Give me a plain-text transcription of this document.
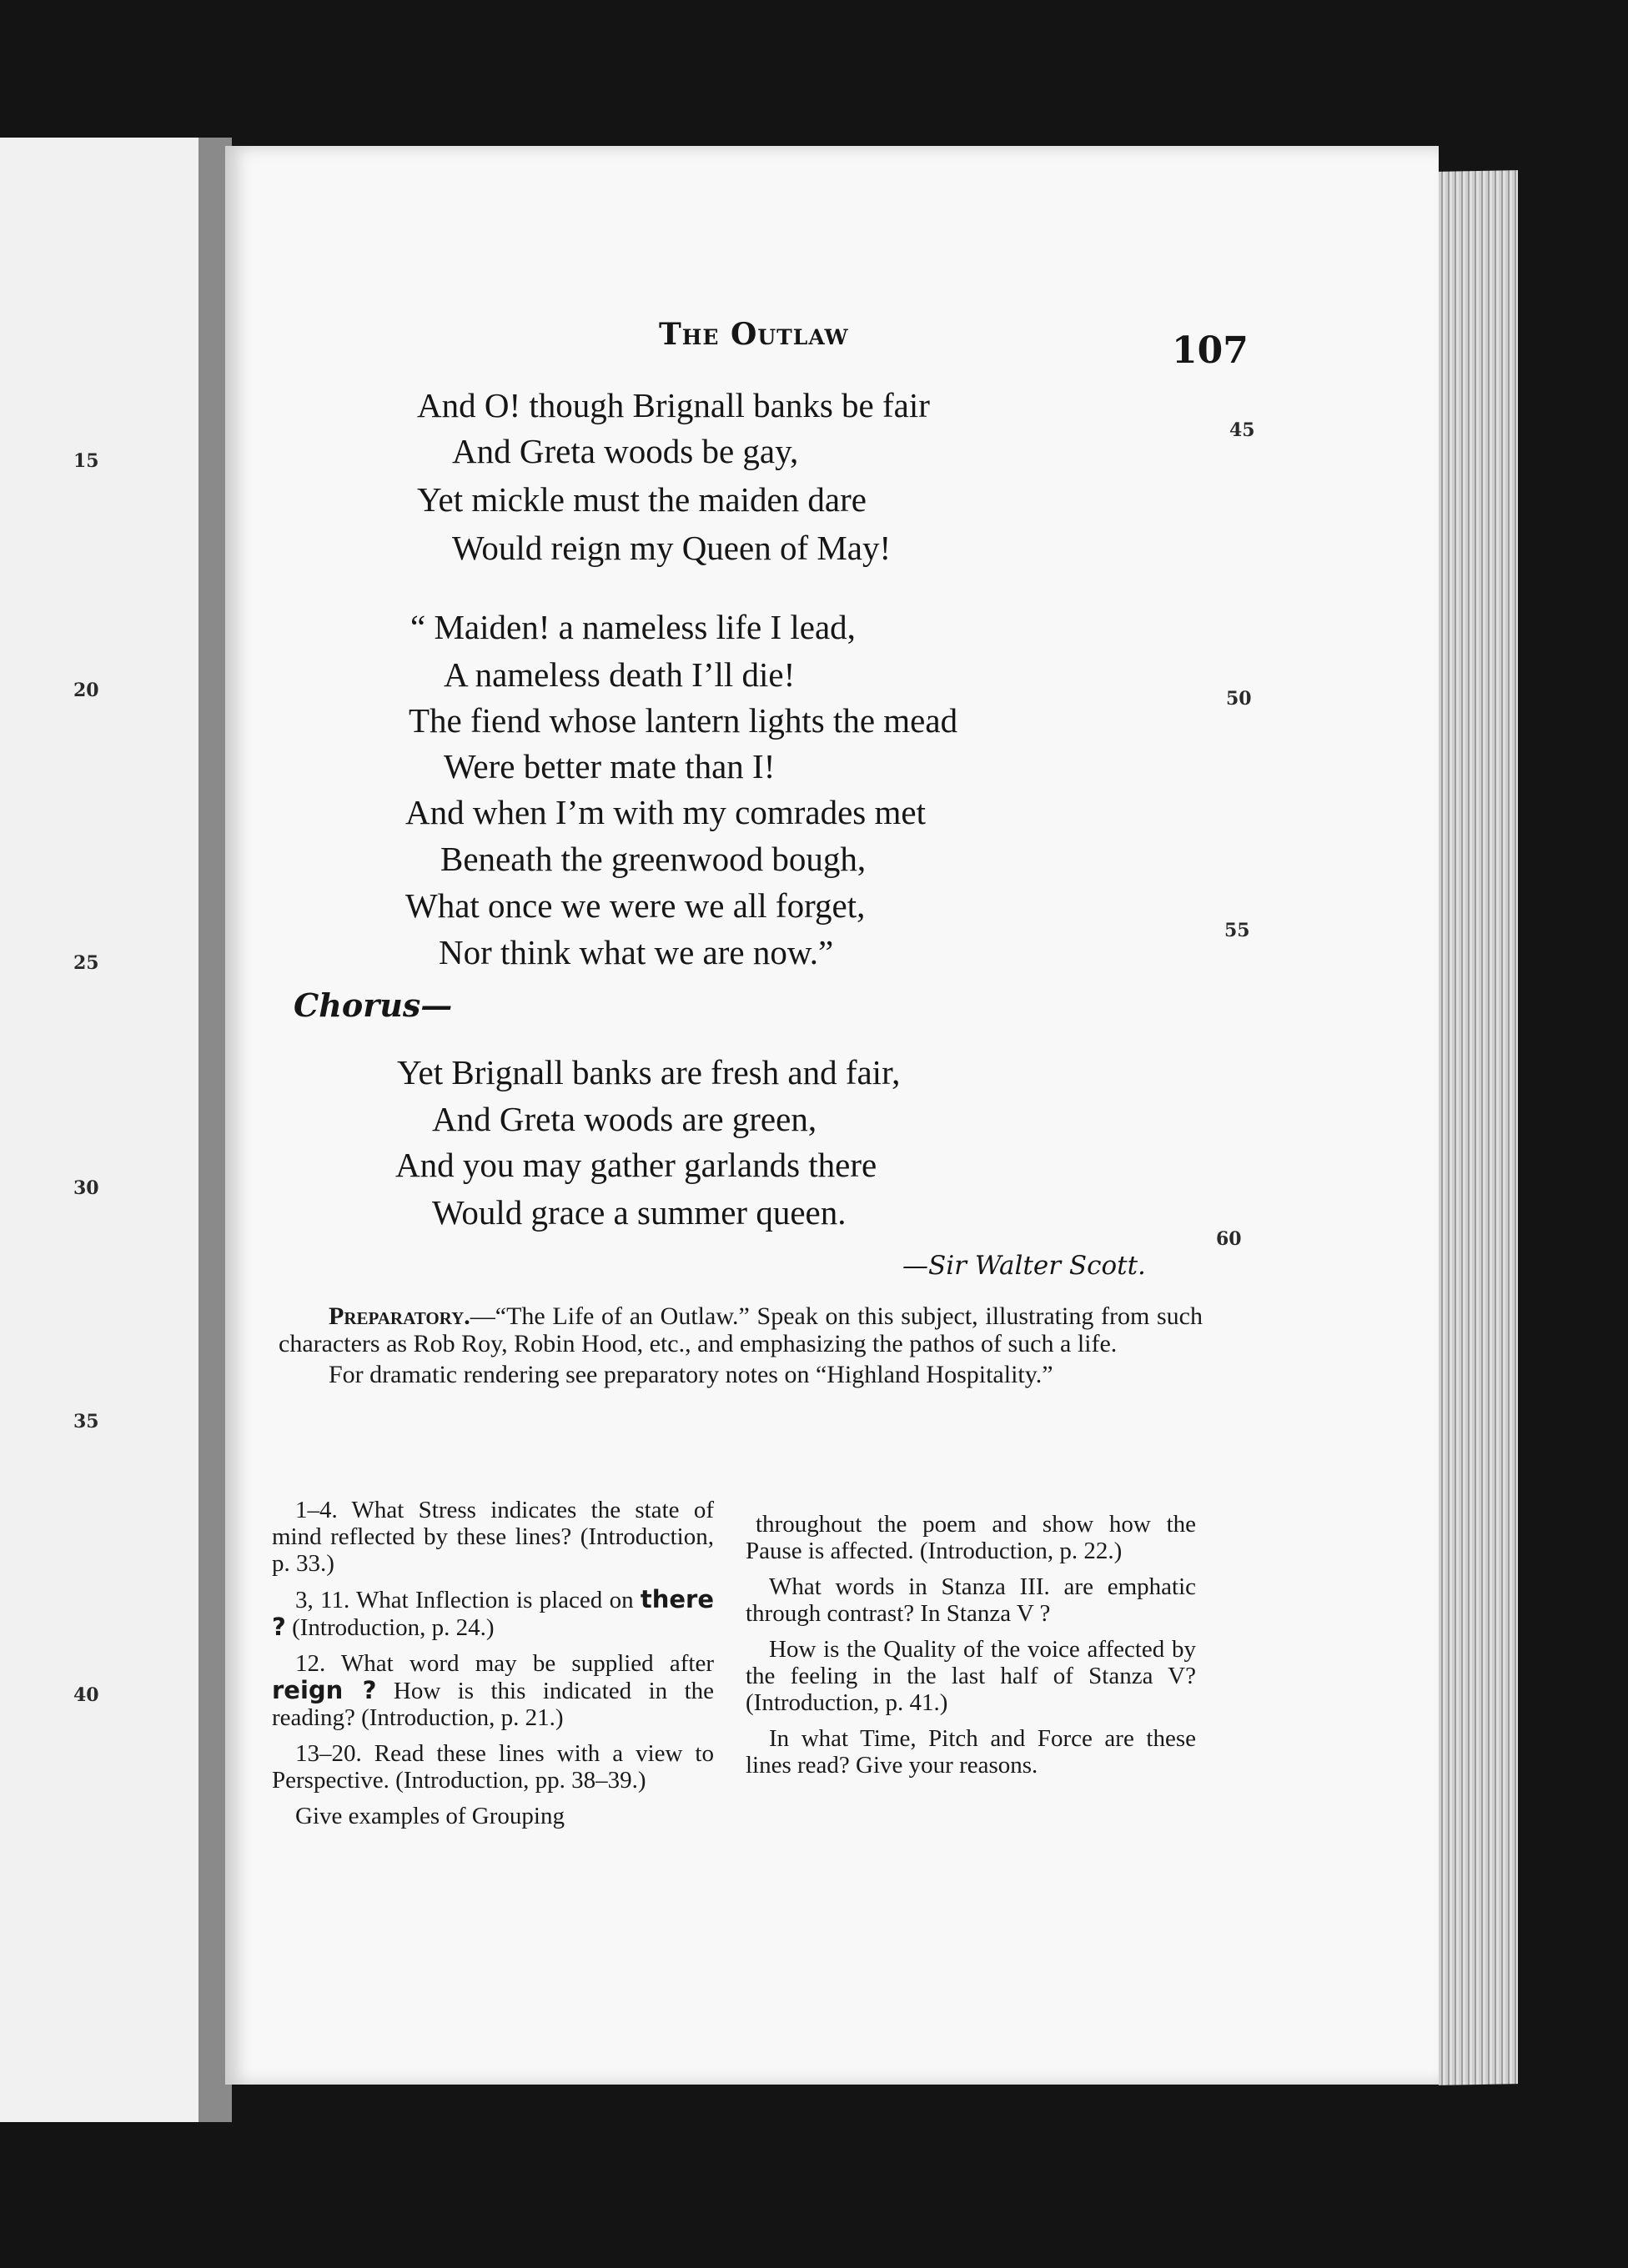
15
20
25
30
35
40
The Outlaw	107
And O! though Brignall banks be fair
And Greta woods be gay,
Yet mickle must the maiden dare
Would reign my Queen of May!
“ Maiden! a nameless life I lead,
A nameless death I’ll die!
The fiend whose lantern lights the mead
Were better mate than I!
And when I’m with my comrades met
Beneath the greenwood bough,
What once we were we all forget,
Nor think what we are now.”
Chorus—
Yet Brignall banks are fresh and fair,
And Greta woods are green,
And you may gather garlands there
Would grace a summer queen.
45
50
55
60
—Sir Walter Scott.

Preparatory.—“The Life of an Outlaw.” Speak on this subject, illustrating from such characters as Rob Roy, Robin Hood, etc., and emphasizing the pathos of such a life.

For dramatic rendering see preparatory notes on “Highland Hospitality.”

1–4. What Stress indicates the state of mind reflected by these lines? (Introduction, p. 33.)

3, 11. What Inflection is placed on there ? (Introduction, p. 24.)

12. What word may be supplied after reign ? How is this indicated in the reading? (Introduction, p. 21.)

13–20. Read these lines with a view to Perspective. (Introduction, pp. 38–39.)

Give examples of Grouping

throughout the poem and show how the Pause is affected. (Introduction, p. 22.)

What words in Stanza III. are emphatic through contrast? In Stanza V ?

How is the Quality of the voice affected by the feeling in the last half of Stanza V? (Introduction, p. 41.)

In what Time, Pitch and Force are these lines read? Give your reasons.
